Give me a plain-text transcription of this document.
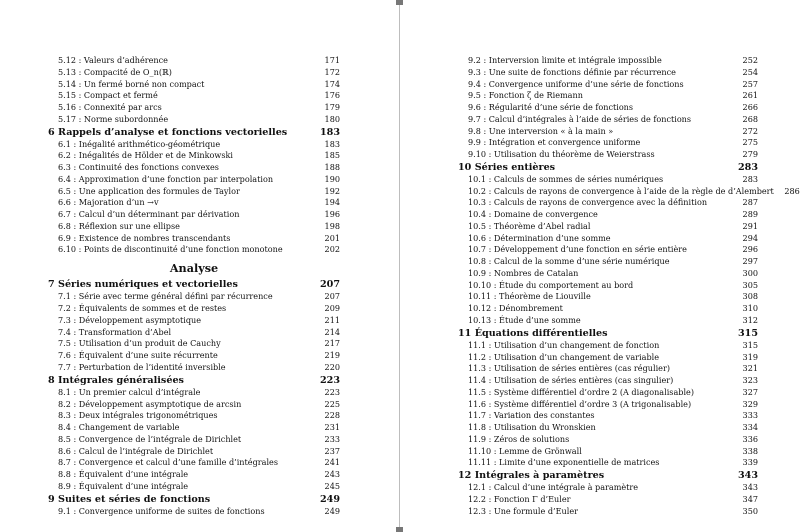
5.12 : Valeurs d’adhérence	171
5.13 : Compacité de O_n(ℝ)	172
5.14 : Un fermé borné non compact	174
5.15 : Compact et fermé	176
5.16 : Connexité par arcs	179
5.17 : Norme subordonnée	180
6 Rappels d’analyse et fonctions vectorielles	183
6.1 : Inégalité arithmético-géométrique	183
6.2 : Inégalités de Hölder et de Minkowski	185
6.3 : Continuité des fonctions convexes	188
6.4 : Approximation d’une fonction par interpolation	190
6.5 : Une application des formules de Taylor	192
6.6 : Majoration d’un →v	194
6.7 : Calcul d’un déterminant par dérivation	196
6.8 : Réflexion sur une ellipse	198
6.9 : Existence de nombres transcendants	201
6.10 : Points de discontinuité d’une fonction monotone	202
Analyse
7 Séries numériques et vectorielles	207
7.1 : Série avec terme général défini par récurrence	207
7.2 : Équivalents de sommes et de restes	209
7.3 : Développement asymptotique	211
7.4 : Transformation d’Abel	214
7.5 : Utilisation d’un produit de Cauchy	217
7.6 : Équivalent d’une suite récurrente	219
7.7 : Perturbation de l’identité inversible	220
8 Intégrales généralisées	223
8.1 : Un premier calcul d’intégrale	223
8.2 : Développement asymptotique de arcsin	225
8.3 : Deux intégrales trigonométriques	228
8.4 : Changement de variable	231
8.5 : Convergence de l’intégrale de Dirichlet	233
8.6 : Calcul de l’intégrale de Dirichlet	237
8.7 : Convergence et calcul d’une famille d’intégrales	241
8.8 : Équivalent d’une intégrale	243
8.9 : Équivalent d’une intégrale	245
9 Suites et séries de fonctions	249
9.1 : Convergence uniforme de suites de fonctions	249
9.2 : Interversion limite et intégrale impossible	252
9.3 : Une suite de fonctions définie par récurrence	254
9.4 : Convergence uniforme d’une série de fonctions	257
9.5 : Fonction ζ de Riemann	261
9.6 : Régularité d’une série de fonctions	266
9.7 : Calcul d’intégrales à l’aide de séries de fonctions	268
9.8 : Une interversion « à la main »	272
9.9 : Intégration et convergence uniforme	275
9.10 : Utilisation du théorème de Weierstrass	279
10 Séries entières	283
10.1 : Calculs de sommes de séries numériques	283
10.2 : Calculs de rayons de convergence à l’aide de la règle de d’Alembert	286
10.3 : Calculs de rayons de convergence avec la définition	287
10.4 : Domaine de convergence	289
10.5 : Théorème d’Abel radial	291
10.6 : Détermination d’une somme	294
10.7 : Développement d’une fonction en série entière	296
10.8 : Calcul de la somme d’une série numérique	297
10.9 : Nombres de Catalan	300
10.10 : Étude du comportement au bord	305
10.11 : Théorème de Liouville	308
10.12 : Dénombrement	310
10.13 : Étude d’une somme	312
11 Équations différentielles	315
11.1 : Utilisation d’un changement de fonction	315
11.2 : Utilisation d’un changement de variable	319
11.3 : Utilisation de séries entières (cas régulier)	321
11.4 : Utilisation de séries entières (cas singulier)	323
11.5 : Système différentiel d’ordre 2 (A diagonalisable)	327
11.6 : Système différentiel d’ordre 3 (A trigonalisable)	329
11.7 : Variation des constantes	333
11.8 : Utilisation du Wronskien	334
11.9 : Zéros de solutions	336
11.10 : Lemme de Grönwall	338
11.11 : Limite d’une exponentielle de matrices	339
12 Intégrales à paramètres	343
12.1 : Calcul d’une intégrale à paramètre	343
12.2 : Fonction Γ d’Euler	347
12.3 : Une formule d’Euler	350
